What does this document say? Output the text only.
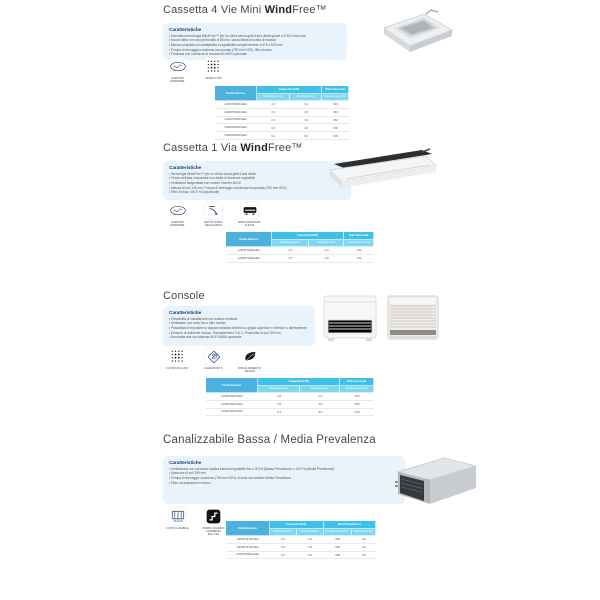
Cassetta 4 Vie Mini WindFree™
Caratteristiche
• Innovativa tecnologia WindFree™ per un clima senza getti d'aria diretti grazie a 5.000 micro-fori
• Nuova slitta: con una profondità di 84 mm, lascia libera la scelta di incasso
• Misura compatta con adattabilità e regolabilità complementare a 575 x 575 mm
• Pompa di drenaggio condensa incorporata (750 mm H2O), filtro incluso
• Funziona con il sensore di movimento MDS opzionale
COMFORT WINDFREE
MICRO FORI
Unità Interna
Capacità (kW)	Dati Generali
Raffrescamento	Riscaldamento	Portata aria (m³/h)
AJ016TNNDKG/EU	1,6	1,9	540
AJ020TNNDKG/EU	2,0	2,3	540
AJ026TNNDKG/EU	2,6	2,9	540
AJ035TNNDKG/EU	3,5	3,8	600
AJ052TNNDKG/EU	5,2	5,6	600
Cassetta 1 Via WindFree™
Caratteristiche
• Tecnologia WindFree™ per un clima senza getti d'aria diretti
• Flusso dell'aria orizzontale con aletta di direzione regolabile
• Ventilatore tangenziale con motore Inverter BLDC
• Altezza di soli 135 mm; Pompa di drenaggio condensa incorporata (750 mm H2O)
• Filtro incluso; Wi-Fi Kit (opzionale)
COMFORT WINDFREE
GETTO D'ARIA REGOLABILE
AMPIA APERTURA ALETTA
Unità Interna
Capacità (kW)	Dati Generali
Raffrescamento	Riscaldamento	Portata aria (m³/h)
AJ026TN1DKG/EU	2,6	2,9	430
AJ035TN1DKG/EU	3,5	3,8	430
Console
Caratteristiche
• Flessibilità di installazione con scarico verticale
• Ventilatore con turbo fan e filtro incluso
• Possibilità di impostare la doppia mandata dell'aria su griglia superiore e inferiore o direttamente
• Sensore di ambiente incluso; Riscaldamento 2-in-1; Profondità di soli 199 mm
• Bocchetta aria con sistema Wi-Fi NASA opzionale
FILTRO INCLUSO	SILENZIOSITÀ	RISCALDAMENTO VELOCE
Unità Interna
Capacità (kW)	Dati Generali
Raffrescamento	Riscaldamento	Portata aria (m³/h)
AJ026TNJDKG/EU	2,6	2,9	540
AJ035TNJDKG/EU	3,5	3,8	600
AJ052TNJDKG/EU	5,2	5,6	610
Canalizzabile Bassa / Media Prevalenza
Caratteristiche
• Ventilazione con pressione statica esterna regolabile fino a 30 Pa (Bassa Prevalenza) o 100 Pa (Media Prevalenza)
• Spessore di soli 199 mm
• Pompa di drenaggio condensa (750 mm H2O) di serie sul modello Media Prevalenza
• Filtro ad aspirazione incluso
FILTRO LAVABILE	POMPA SCARICO CONDENSA INCLUSA
Unità Interna
Capacità (kW)	Dati Prevalenza
Raffrescamento	Riscaldamento	Portata aria (m³/h)	Prevalenza (Pa)
AJ026TNLDKG/EU	2,6	2,9	540	30
AJ035TNLDKG/EU	3,5	3,8	590	30
AJ052TNMDKG/EU	5,2	5,6	680	50
